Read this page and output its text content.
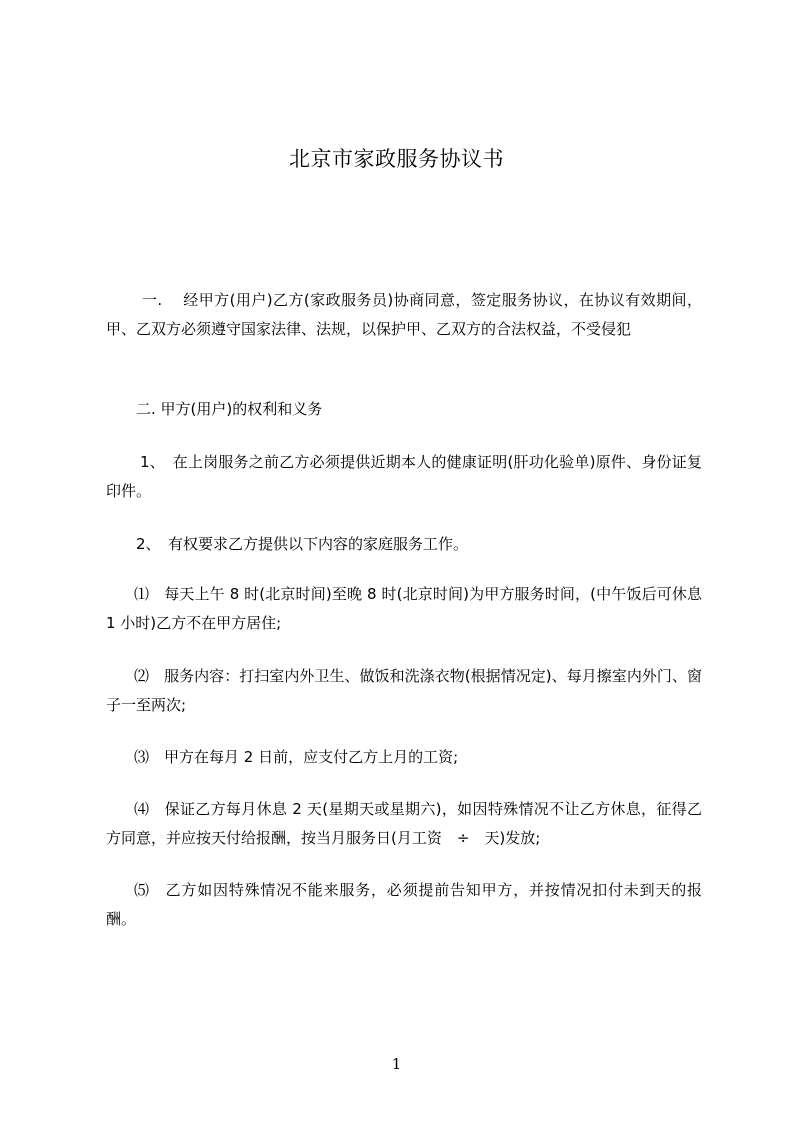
北京市家政服务协议书
一.　 经甲方(用户)乙方(家政服务员)协商同意，签定服务协议，在协议有效期间，甲、乙双方必须遵守国家法律、法规，以保护甲、乙双方的合法权益，不受侵犯
二. 甲方(用户)的权利和义务
1、　在上岗服务之前乙方必须提供近期本人的健康证明(肝功化验单)原件、身份证复印件。
2、　有权要求乙方提供以下内容的家庭服务工作。
⑴　每天上午 8 时(北京时间)至晚 8 时(北京时间)为甲方服务时间，(中午饭后可休息 1 小时)乙方不在甲方居住;
⑵　服务内容：打扫室内外卫生、做饭和洗涤衣物(根据情况定)、每月擦室内外门、窗子一至两次;
⑶　甲方在每月 2 日前，应支付乙方上月的工资;
⑷　保证乙方每月休息 2 天(星期天或星期六)，如因特殊情况不让乙方休息，征得乙方同意，并应按天付给报酬，按当月服务日(月工资　÷　天)发放;
⑸　乙方如因特殊情况不能来服务，必须提前告知甲方，并按情况扣付未到天的报酬。
1
